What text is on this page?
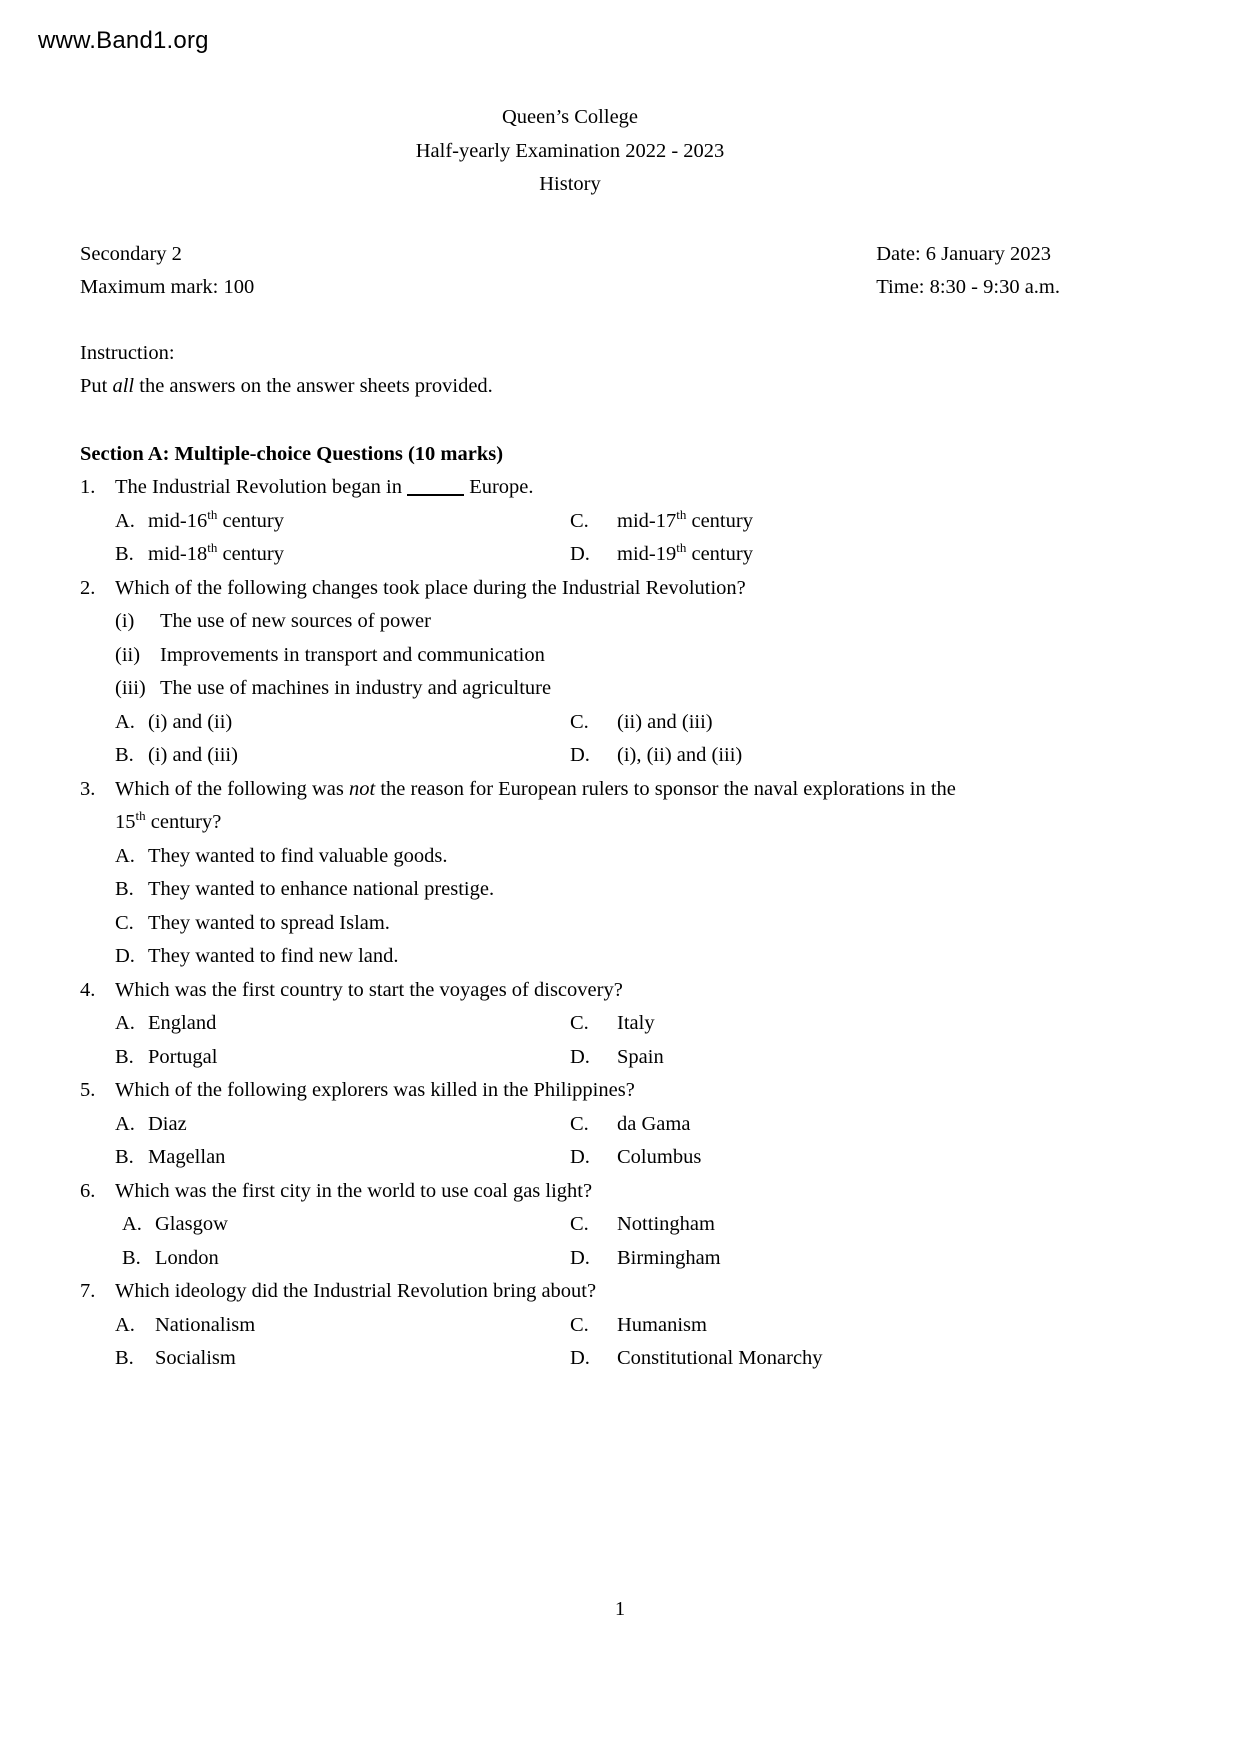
www.Band1.org
Queen’s College
Half-yearly Examination 2022 - 2023
History
Secondary 2
Maximum mark: 100
Date: 6 January 2023
Time: 8:30 - 9:30 a.m.
Instruction:
Put all the answers on the answer sheets provided.
Section A: Multiple-choice Questions (10 marks)
1. The Industrial Revolution began in	Europe.
A. mid-16th century
B. mid-18th century
C.	mid-17th century
D.	mid-19th century
2. Which of the following changes took place during the Industrial Revolution?
(i)	The use of new sources of power
(ii) Improvements in transport and communication
(iii) The use of machines in industry and agriculture
A. (i) and (ii)
B. (i) and (iii)
C.	(ii) and (iii)
D.	(i), (ii) and (iii)
3. Which of the following was not the reason for European rulers to sponsor the naval explorations in the
15th century?
A. They wanted to find valuable goods.
B. They wanted to enhance national prestige.
C. They wanted to spread Islam.
D. They wanted to find new land.
4. Which was the first country to start the voyages of discovery?
A. England
B. Portugal
C.	Italy
D.	Spain
5. Which of the following explorers was killed in the Philippines?
A. Diaz
B. Magellan
C.	da Gama
D.	Columbus
6. Which was the first city in the world to use coal gas light?
A. Glasgow
B. London
C.	Nottingham
D.	Birmingham
7. Which ideology did the Industrial Revolution bring about?
A. Nationalism
B.	Socialism
C.	Humanism
D.	Constitutional Monarchy
1
